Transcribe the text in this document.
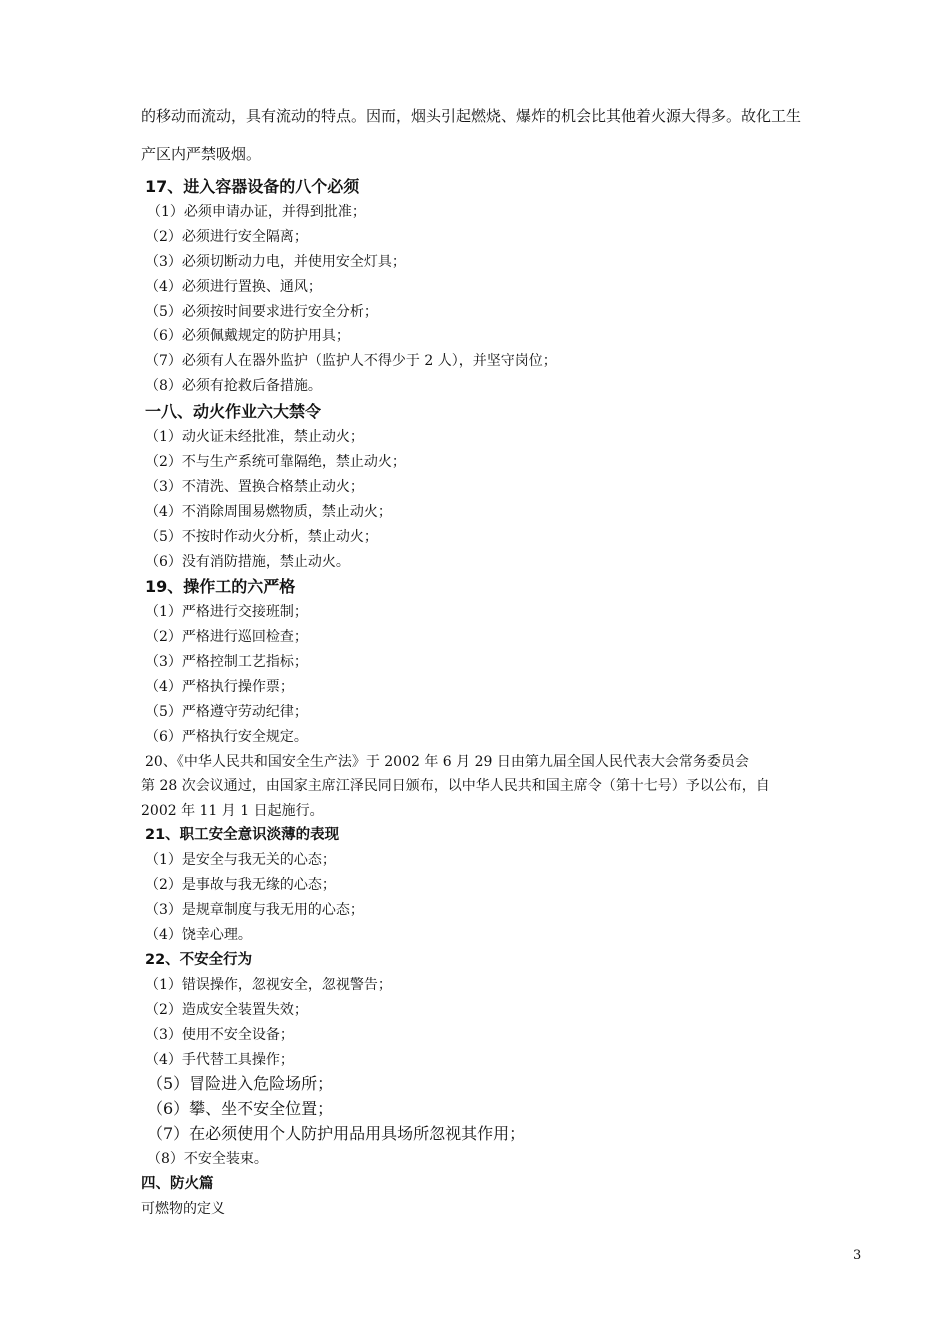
的移动而流动，具有流动的特点。因而，烟头引起燃烧、爆炸的机会比其他着火源大得多。故化工生
产区内严禁吸烟。

17、进入容器设备的八个必须
（1）必须申请办证，并得到批准；
（2）必须进行安全隔离；
（3）必须切断动力电，并使用安全灯具；
（4）必须进行置换、通风；
（5）必须按时间要求进行安全分析；
（6）必须佩戴规定的防护用具；
（7）必须有人在器外监护（监护人不得少于 2 人），并坚守岗位；
（8）必须有抢救后备措施。
一八、动火作业六大禁令
（1）动火证未经批准，禁止动火；
（2）不与生产系统可靠隔绝，禁止动火；
（3）不清洗、置换合格禁止动火；
（4）不消除周围易燃物质，禁止动火；
（5）不按时作动火分析，禁止动火；
（6）没有消防措施，禁止动火。
19、操作工的六严格
（1）严格进行交接班制；
（2）严格进行巡回检查；
（3）严格控制工艺指标；
（4）严格执行操作票；
（5）严格遵守劳动纪律；
（6）严格执行安全规定。
20、《中华人民共和国安全生产法》于 2002 年 6 月 29 日由第九届全国人民代表大会常务委员会
第 28 次会议通过，由国家主席江泽民同日颁布，以中华人民共和国主席令（第十七号）予以公布，自
2002 年 11 月 1 日起施行。
21、职工安全意识淡薄的表现
（1）是安全与我无关的心态；
（2）是事故与我无缘的心态；
（3）是规章制度与我无用的心态；
（4）饶幸心理。
22、不安全行为
（1）错误操作，忽视安全，忽视警告；
（2）造成安全装置失效；
（3）使用不安全设备；
（4）手代替工具操作；
（5）冒险进入危险场所；
（6）攀、坐不安全位置；
（7）在必须使用个人防护用品用具场所忽视其作用；
（8）不安全装束。
四、防火篇
可燃物的定义
3
